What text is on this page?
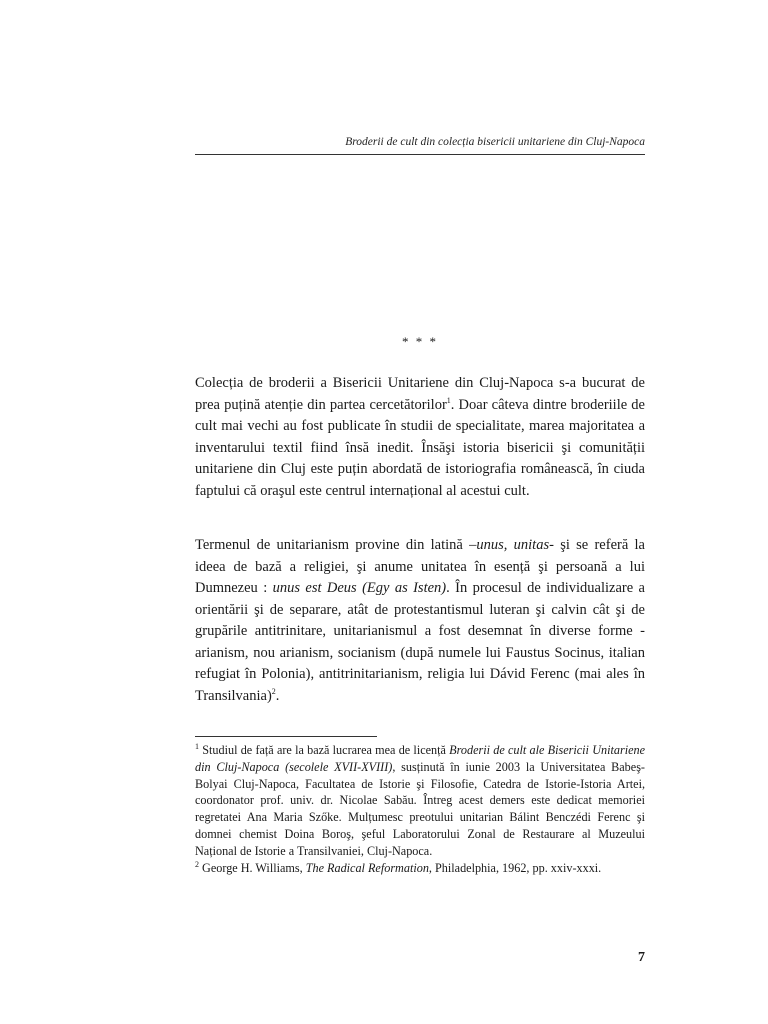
Broderii de cult din colecția bisericii unitariene din Cluj-Napoca
* * *

Colecția de broderii a Bisericii Unitariene din Cluj-Napoca s-a bucurat de prea puțină atenție din partea cercetătorilor$^1$. Doar câteva dintre broderiile de cult mai vechi au fost publicate în studii de specialitate, marea majoritatea a inventarului textil fiind însă inedit. Însăşi istoria bisericii şi comunității unitariene din Cluj este puțin abordată de istoriografia românească, în ciuda faptului că oraşul este centrul internațional al acestui cult.

Termenul de unitarianism provine din latină –unus, unitas- şi se referă la ideea de bază a religiei, şi anume unitatea în esență şi persoană a lui Dumnezeu : unus est Deus (Egy as Isten). În procesul de individualizare a orientării şi de separare, atât de protestantismul luteran şi calvin cât şi de grupările antitrinitare, unitarianismul a fost desemnat în diverse forme - arianism, nou arianism, socianism (după numele lui Faustus Socinus, italian refugiat în Polonia), antitrinitarianism, religia lui Dávid Ferenc (mai ales în Transilvania)$^2$.

$^1$ Studiul de față are la bază lucrarea mea de licență Broderii de cult ale Bisericii Unitariene din Cluj-Napoca (secolele XVII-XVIII), susținută în iunie 2003 la Universitatea Babeş- Bolyai Cluj-Napoca, Facultatea de Istorie şi Filosofie, Catedra de Istorie-Istoria Artei, coordonator prof. univ. dr. Nicolae Sabău. Întreg acest demers este dedicat memoriei regretatei Ana Maria Szőke. Mulțumesc preotului unitarian Bálint Benczédi Ferenc şi domnei chemist Doina Boroş, şeful Laboratorului Zonal de Restaurare al Muzeului Național de Istorie a Transilvaniei, Cluj-Napoca.

$^2$ George H. Williams, The Radical Reformation, Philadelphia, 1962, pp. xxiv-xxxi.

7
